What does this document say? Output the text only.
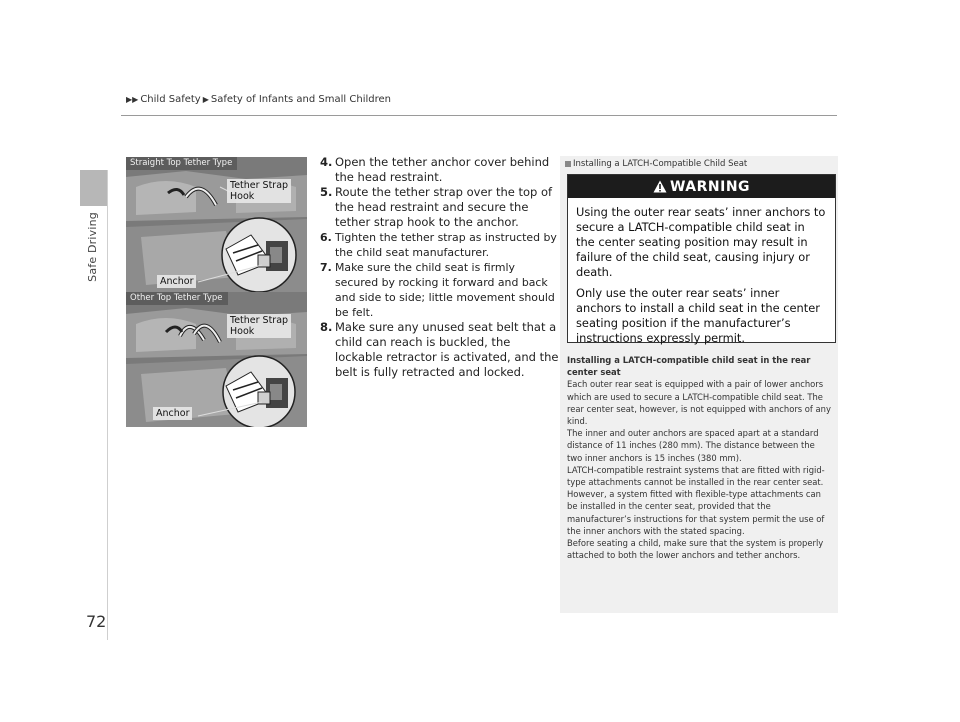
▶▶ Child Safety ▶ Safety of Infants and Small Children
Safe Driving
72
Straight Top Tether Type
Tether Strap
Hook
Anchor
Other Top Tether Type
Tether Strap
Hook
Anchor

4. Open the tether anchor cover behind the head restraint.

5. Route the tether strap over the top of the head restraint and secure the tether strap hook to the anchor.

6. Tighten the tether strap as instructed by the child seat manufacturer.

7. Make sure the child seat is firmly secured by rocking it forward and back and side to side; little movement should be felt.

8. Make sure any unused seat belt that a child can reach is buckled, the lockable retractor is activated, and the belt is fully retracted and locked.

Installing a LATCH-Compatible Child Seat
WARNING

Using the outer rear seats’ inner anchors to secure a LATCH-compatible child seat in the center seating position may result in failure of the child seat, causing injury or death.

Only use the outer rear seats’ inner anchors to install a child seat in the center seating position if the manufacturer’s instructions expressly permit.

Installing a LATCH-compatible child seat in the rear center seat

Each outer rear seat is equipped with a pair of lower anchors which are used to secure a LATCH-compatible child seat. The rear center seat, however, is not equipped with anchors of any kind.

The inner and outer anchors are spaced apart at a standard distance of 11 inches (280 mm). The distance between the two inner anchors is 15 inches (380 mm).

LATCH-compatible restraint systems that are fitted with rigid-type attachments cannot be installed in the rear center seat. However, a system fitted with flexible-type attachments can be installed in the center seat, provided that the manufacturer’s instructions for that system permit the use of the inner anchors with the stated spacing.

Before seating a child, make sure that the system is properly attached to both the lower anchors and tether anchors.
